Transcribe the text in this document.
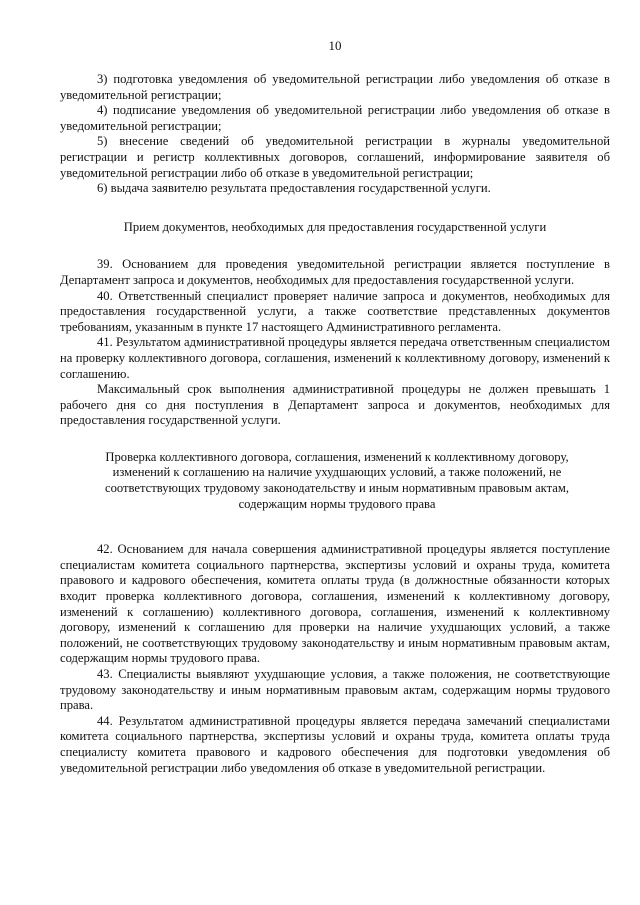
10

3) подготовка уведомления об уведомительной регистрации либо уведомления об отказе в уведомительной регистрации;

4) подписание уведомления об уведомительной регистрации либо уведомления об отказе в уведомительной регистрации;

5) внесение сведений об уведомительной регистрации в журналы уведомительной регистрации и регистр коллективных договоров, соглашений, информирование заявителя об уведомительной регистрации либо об отказе в уведомительной регистрации;

6) выдача заявителю результата предоставления государственной услуги.

Прием документов, необходимых для предоставления государственной услуги

39. Основанием для проведения уведомительной регистрации является поступление в Департамент запроса и документов, необходимых для предоставления государственной услуги.

40. Ответственный специалист проверяет наличие запроса и документов, необходимых для предоставления государственной услуги, а также соответствие представленных документов требованиям, указанным в пункте 17 настоящего Административного регламента.

41. Результатом административной процедуры является передача ответственным специалистом на проверку коллективного договора, соглашения, изменений к коллективному договору, изменений к соглашению.

Максимальный срок выполнения административной процедуры не должен превышать 1 рабочего дня со дня поступления в Департамент запроса и документов, необходимых для предоставления государственной услуги.

Проверка коллективного договора, соглашения, изменений к коллективному договору, изменений к соглашению на наличие ухудшающих условий, а также положений, не соответствующих трудовому законодательству и иным нормативным правовым актам, содержащим нормы трудового права

42. Основанием для начала совершения административной процедуры является поступление специалистам комитета социального партнерства, экспертизы условий и охраны труда, комитета правового и кадрового обеспечения, комитета оплаты труда (в должностные обязанности которых входит проверка коллективного договора, соглашения, изменений к коллективному договору, изменений к соглашению) коллективного договора, соглашения, изменений к коллективному договору, изменений к соглашению для проверки на наличие ухудшающих условий, а также положений, не соответствующих трудовому законодательству и иным нормативным правовым актам, содержащим нормы трудового права.

43. Специалисты выявляют ухудшающие условия, а также положения, не соответствующие трудовому законодательству и иным нормативным правовым актам, содержащим нормы трудового права.

44. Результатом административной процедуры является передача замечаний специалистами комитета социального партнерства, экспертизы условий и охраны труда, комитета оплаты труда специалисту комитета правового и кадрового обеспечения для подготовки уведомления об уведомительной регистрации либо уведомления об отказе в уведомительной регистрации.
